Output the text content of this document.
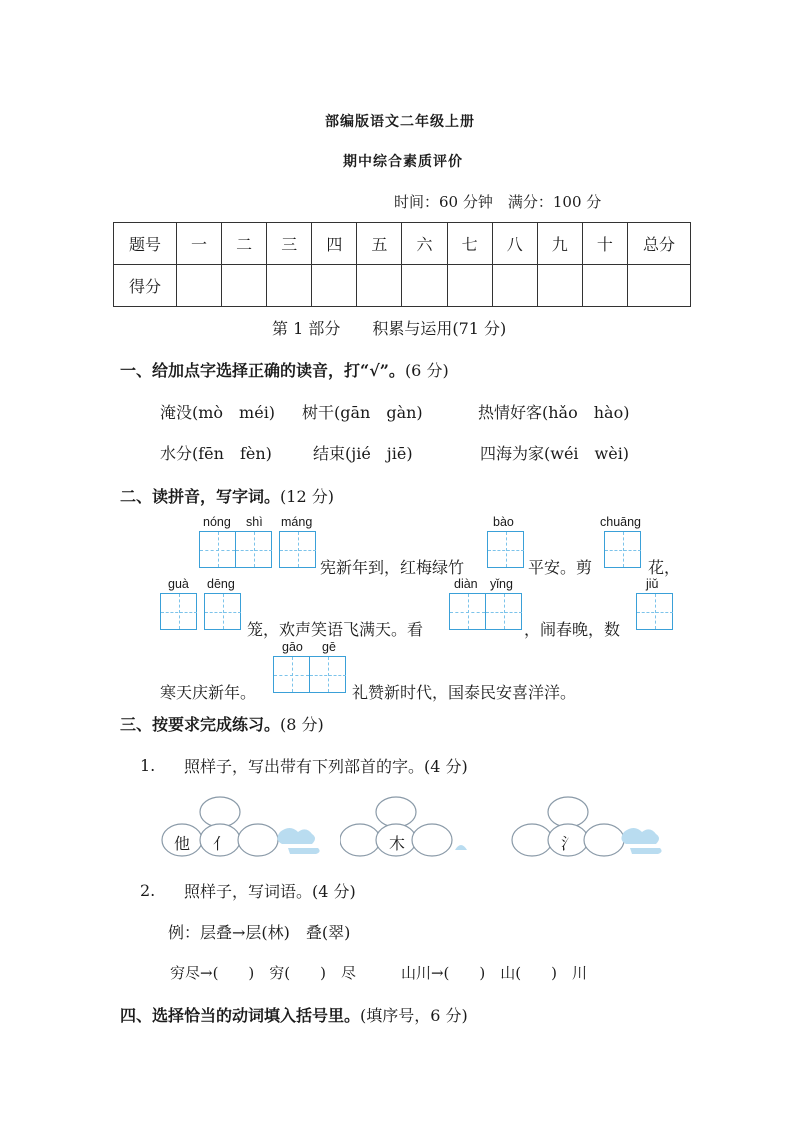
部编版语文二年级上册
期中综合素质评价
时间：60 分钟　满分：100 分
题号	一	二	三	四	五	六	七	八	九	十	总分
得分											
第 1 部分　　积累与运用(71 分)
一、给加点字选择正确的读音，打“√”。(6 分)
淹没(mò　méi) 树干(gān　gàn)	热情好客(hǎo　hào)
水分(fēn　fèn)	结束(jié　jiē)	四海为家(wéi　wèi)
二、读拼音，写字词。(12 分)
nóng shì máng
宪新年到，红梅绿竹
bào
平安。剪
chuāng
花，
guà dēng
笼，欢声笑语飞满天。看
diàn yǐng
，闹春晚，数
jiǔ
寒天庆新年。
gāo gē
礼赞新时代，国泰民安喜洋洋。
三、按要求完成练习。(8 分)
1. 照样子，写出带有下列部首的字。(4 分)
他 亻	木	氵
2. 照样子，写词语。(4 分)
例：层叠→层(林)　叠(翠)
穷尽→(　　)　穷(　　)　尽　　　山川→(　　)　山(　　)　川
四、选择恰当的动词填入括号里。(填序号，6 分)
